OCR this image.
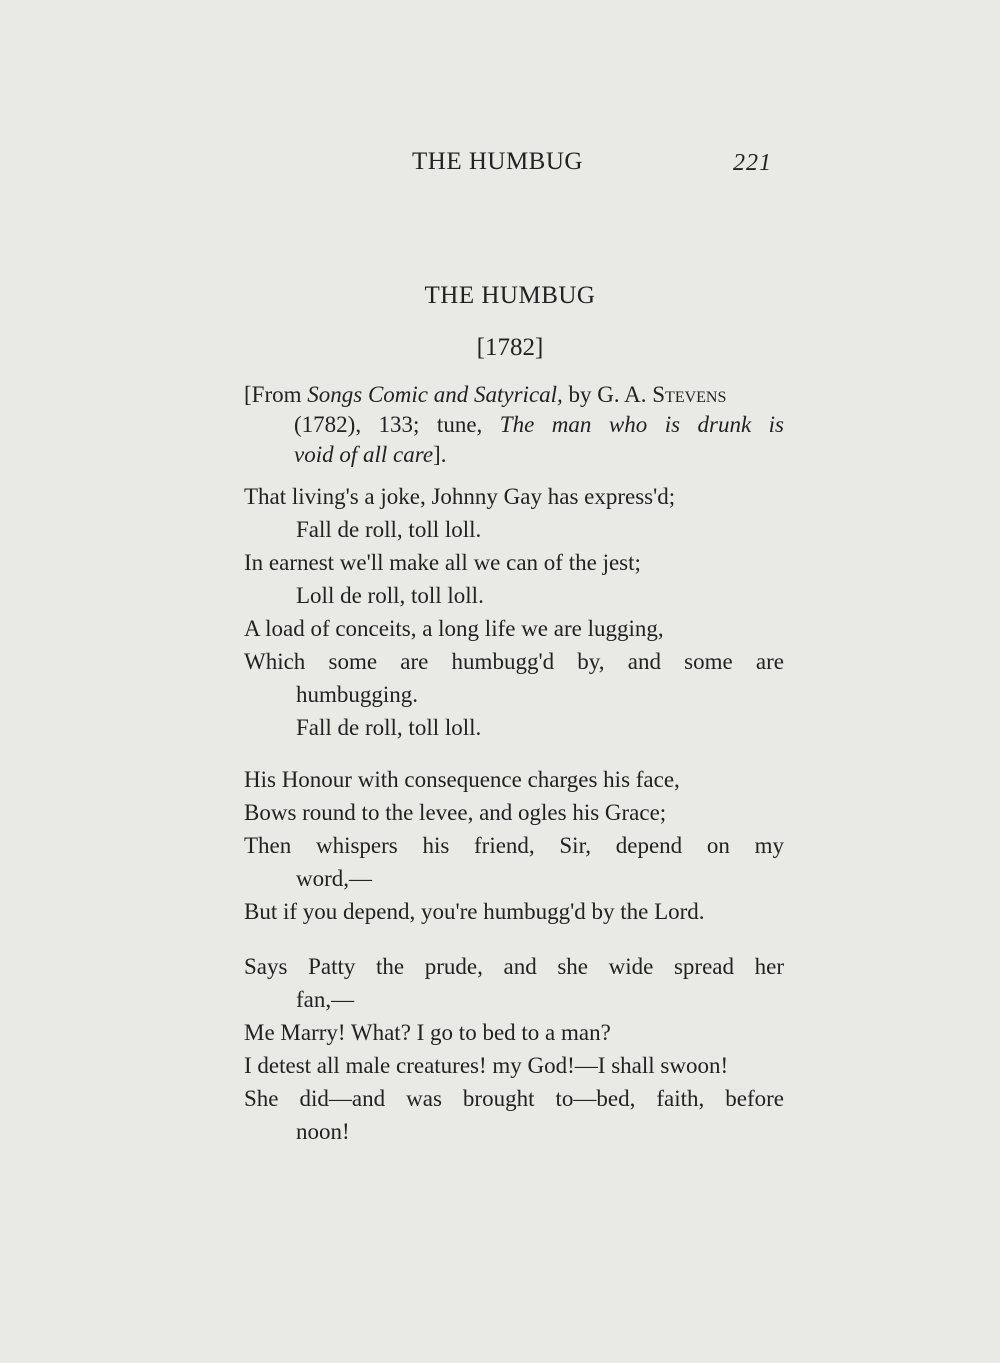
THE HUMBUG	221
THE HUMBUG
[1782]
[From Songs Comic and Satyrical, by G. A. Stevens
(1782), 133; tune, The man who is drunk is
void of all care].
That living's a joke, Johnny Gay has express'd;
Fall de roll, toll loll.
In earnest we'll make all we can of the jest;
Loll de roll, toll loll.
A load of conceits, a long life we are lugging,
Which some are humbugg'd by, and some are
humbugging.
Fall de roll, toll loll.
His Honour with consequence charges his face,
Bows round to the levee, and ogles his Grace;
Then whispers his friend, Sir, depend on my
word,—
But if you depend, you're humbugg'd by the Lord.
Says Patty the prude, and she wide spread her
fan,—
Me Marry! What? I go to bed to a man?
I detest all male creatures! my God!—I shall swoon!
She did—and was brought to—bed, faith, before
noon!
